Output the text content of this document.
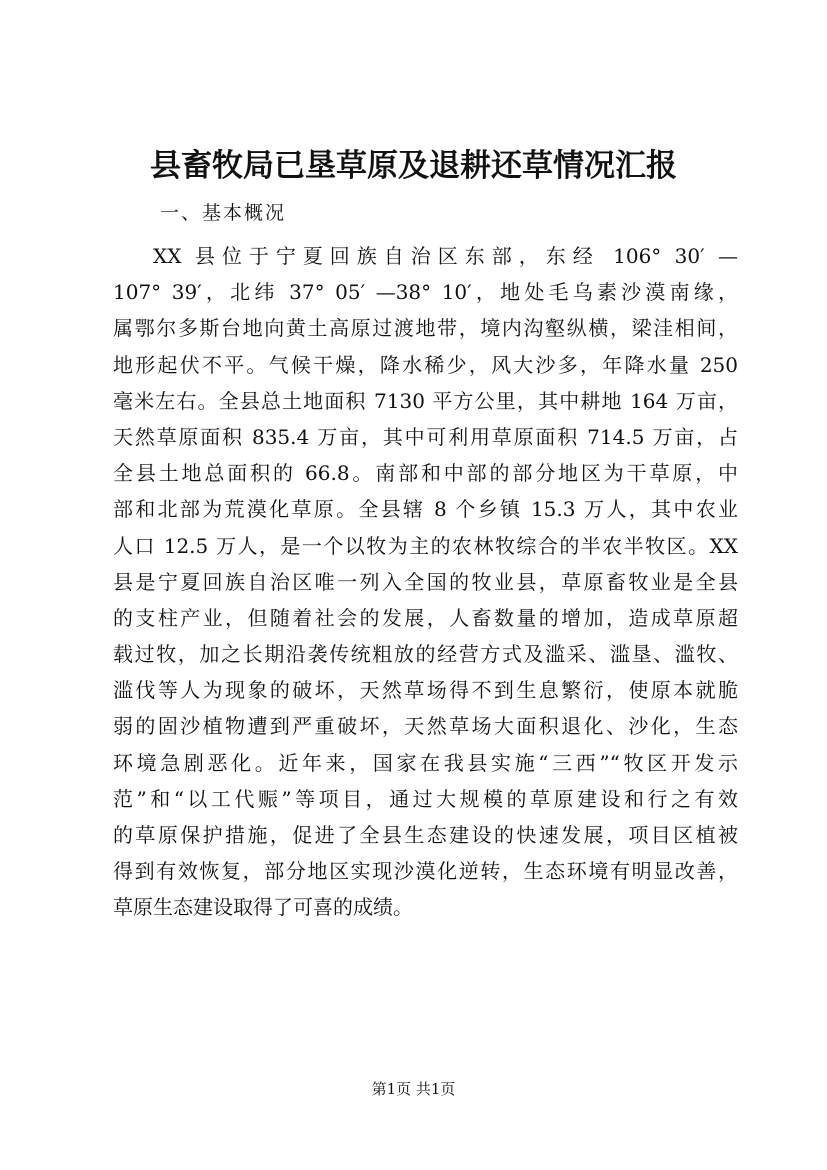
县畜牧局已垦草原及退耕还草情况汇报
一、基本概况
XX 县位于宁夏回族自治区东部，东经 106° 30′ —
107° 39′，北纬 37° 05′ —38° 10′，地处毛乌素沙漠南缘，
属鄂尔多斯台地向黄土高原过渡地带，境内沟壑纵横，梁洼相间，
地形起伏不平。气候干燥，降水稀少，风大沙多，年降水量 250
毫米左右。全县总土地面积 7130 平方公里，其中耕地 164 万亩，
天然草原面积 835.4 万亩，其中可利用草原面积 714.5 万亩，占
全县土地总面积的 66.8。南部和中部的部分地区为干草原，中
部和北部为荒漠化草原。全县辖 8 个乡镇 15.3 万人，其中农业
人口 12.5 万人，是一个以牧为主的农林牧综合的半农半牧区。XX
县是宁夏回族自治区唯一列入全国的牧业县，草原畜牧业是全县
的支柱产业，但随着社会的发展，人畜数量的增加，造成草原超
载过牧，加之长期沿袭传统粗放的经营方式及滥采、滥垦、滥牧、
滥伐等人为现象的破坏，天然草场得不到生息繁衍，使原本就脆
弱的固沙植物遭到严重破坏，天然草场大面积退化、沙化，生态
环境急剧恶化。近年来，国家在我县实施“三西”“牧区开发示
范”和“以工代赈”等项目，通过大规模的草原建设和行之有效
的草原保护措施，促进了全县生态建设的快速发展，项目区植被
得到有效恢复，部分地区实现沙漠化逆转，生态环境有明显改善，
草原生态建设取得了可喜的成绩。
第1页 共1页
